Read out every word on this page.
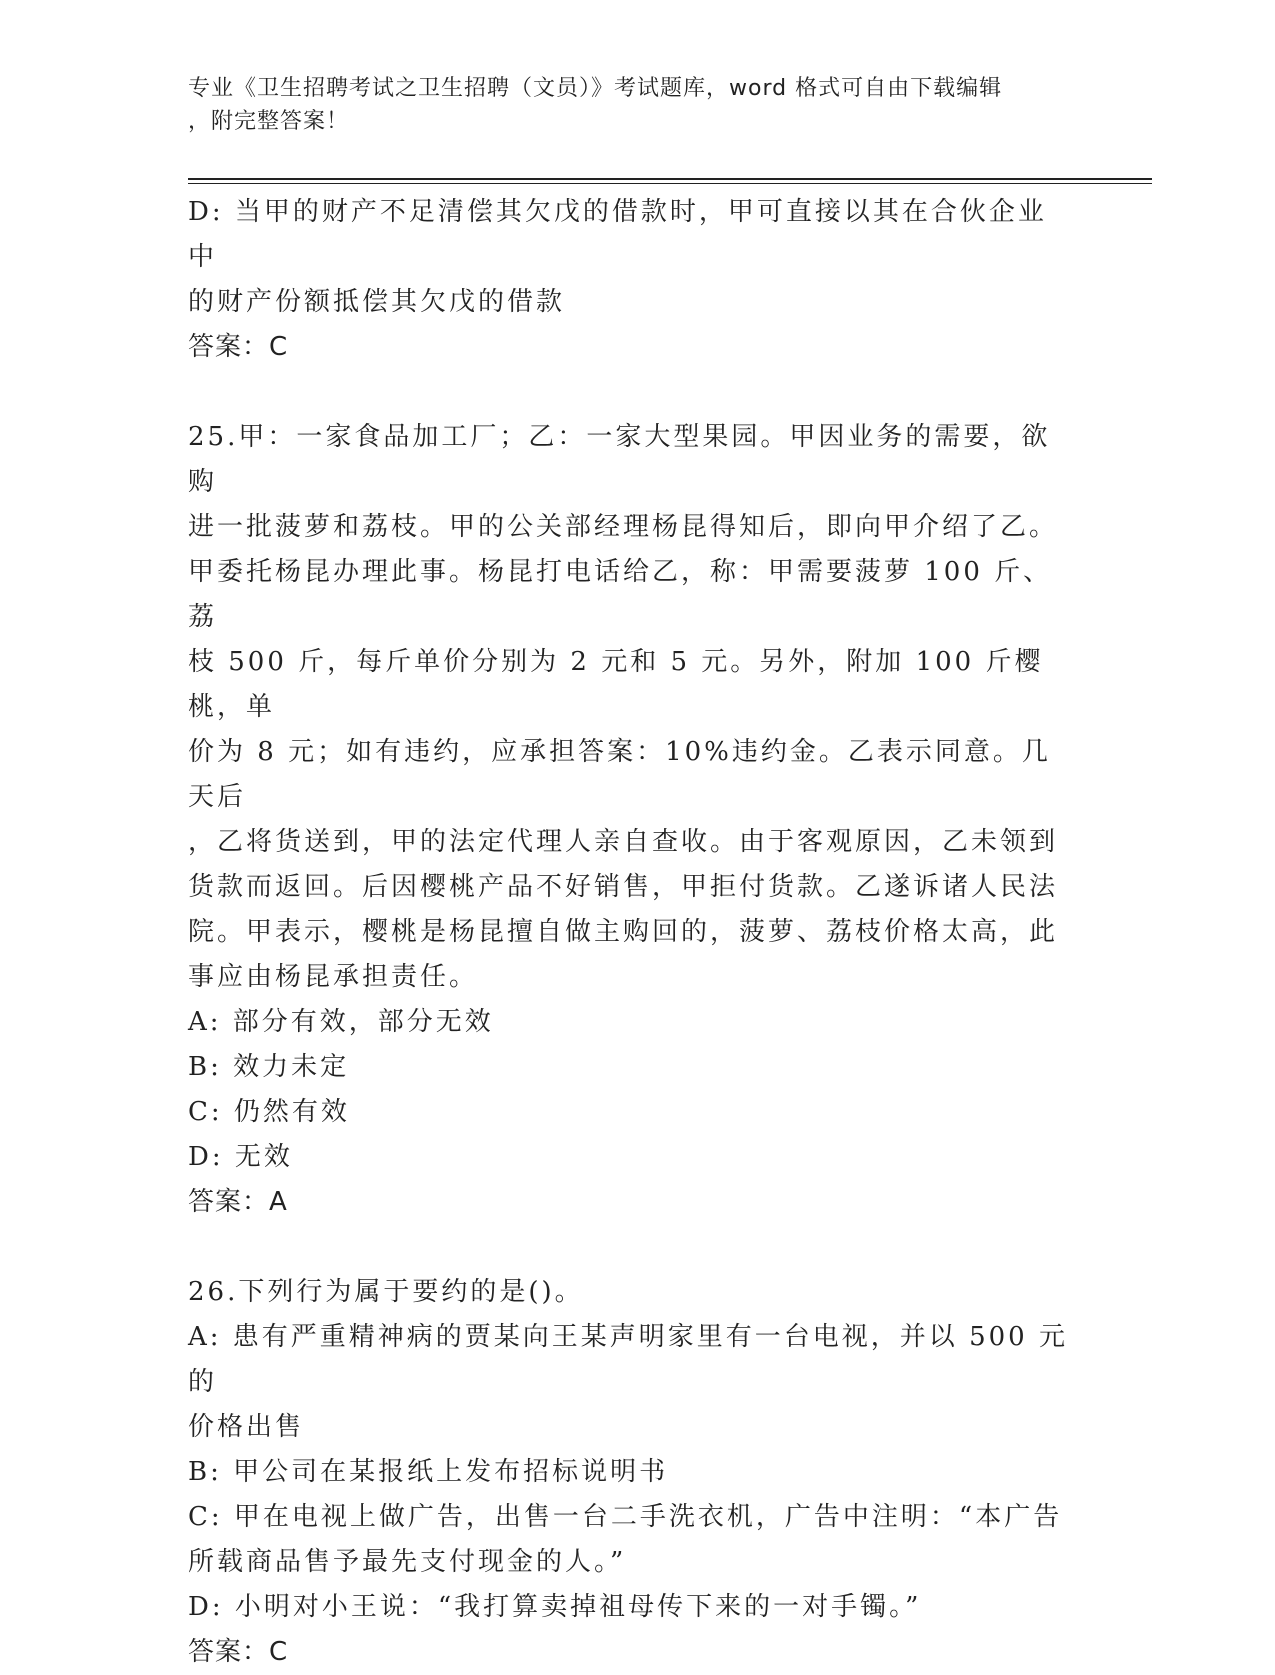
专业《卫生招聘考试之卫生招聘（文员）》考试题库，word 格式可自由下载编辑
，附完整答案！

D: 当甲的财产不足清偿其欠戊的借款时，甲可直接以其在合伙企业中

的财产份额抵偿其欠戊的借款

答案：C

25.甲：一家食品加工厂；乙：一家大型果园。甲因业务的需要，欲购

进一批菠萝和荔枝。甲的公关部经理杨昆得知后，即向甲介绍了乙。

甲委托杨昆办理此事。杨昆打电话给乙，称：甲需要菠萝 100 斤、荔

枝 500 斤，每斤单价分别为 2 元和 5 元。另外，附加 100 斤樱桃，单

价为 8 元；如有违约，应承担答案：10%违约金。乙表示同意。几天后

，乙将货送到，甲的法定代理人亲自查收。由于客观原因，乙未领到

货款而返回。后因樱桃产品不好销售，甲拒付货款。乙遂诉诸人民法

院。甲表示，樱桃是杨昆擅自做主购回的，菠萝、荔枝价格太高，此

事应由杨昆承担责任。

A: 部分有效，部分无效

B: 效力未定

C: 仍然有效

D: 无效

答案：A

26.下列行为属于要约的是()。

A: 患有严重精神病的贾某向王某声明家里有一台电视，并以 500 元的

价格出售

B: 甲公司在某报纸上发布招标说明书

C: 甲在电视上做广告，出售一台二手洗衣机，广告中注明：“本广告

所载商品售予最先支付现金的人。”

D: 小明对小王说：“我打算卖掉祖母传下来的一对手镯。”

答案：C
